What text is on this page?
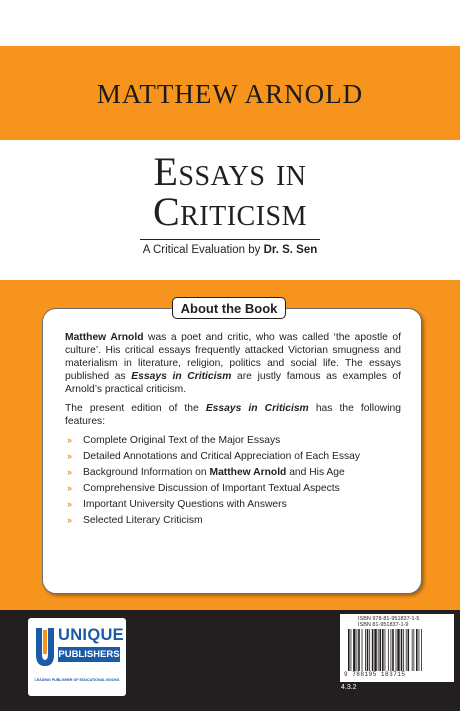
MATTHEW ARNOLD
Essays in
Criticism
A Critical Evaluation by Dr. S. Sen

Matthew Arnold was a poet and critic, who was called ‘the apostle of culture’. His critical essays frequently attacked Victorian smugness and materialism in literature, religion, politics and social life. The essays published as Essays in Criticism are justly famous as examples of Arnold’s practical criticism.

The present edition of the Essays in Criticism has the following features:

» Complete Original Text of the Major Essays
» Detailed Annotations and Critical Appreciation of Each Essay
» Background Information on Matthew Arnold and His Age
» Comprehensive Discussion of Important Textual Aspects
» Important University Questions with Answers
» Selected Literary Criticism
About the Book
UNIQUE
PUBLISHERS
LEADING PUBLISHER OF EDUCATIONAL BOOKS
ISBN 978-81-951837-1-5
ISBN 81-951837-1-9
9 788195 183715
4.3.2
